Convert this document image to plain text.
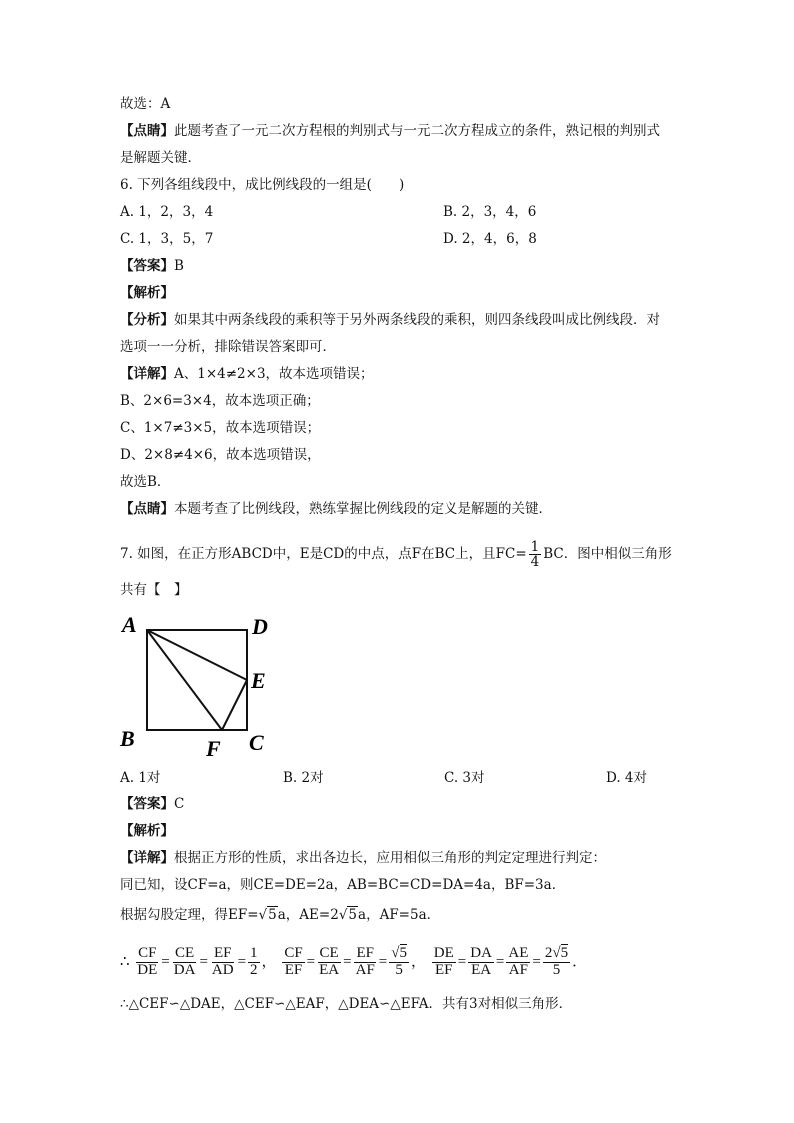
故选：A
【点睛】此题考查了一元二次方程根的判别式与一元二次方程成立的条件，熟记根的判别式
是解题关键．
6. 下列各组线段中，成比例线段的一组是(　　)
A. 1，2，3，4	B. 2，3，4，6
C. 1，3，5，7	D. 2，4，6，8
【答案】B
【解析】
【分析】如果其中两条线段的乘积等于另外两条线段的乘积，则四条线段叫成比例线段．对
选项一一分析，排除错误答案即可．
【详解】A、1×4≠2×3，故本选项错误；
B、2×6=3×4，故本选项正确；
C、1×7≠3×5，故本选项错误；
D、2×8≠4×6，故本选项错误，
故选B．
【点睛】本题考查了比例线段，熟练掌握比例线段的定义是解题的关键．
7. 如图，在正方形ABCD中，E是CD的中点，点F在BC上，且$FC= \frac{1}{4}$ BC．图中相似三角形
共有【　】
A	D
E
B	F C
A. 1对	B. 2对	C. 3对	D. 4对
【答案】C
【解析】
【详解】根据正方形的性质，求出各边长，应用相似三角形的判定定理进行判定：
同已知，设CF=a，则CE=DE=2a，AB=BC=CD=DA=4a，BF=3a．
根据勾股定理，得EF=√5a，AE=2√5a，AF=5a．
∴ $\frac{CF}{DE} = \frac{CE}{DA} = \frac{EF}{AD} = \frac{1}{2}$ ， $\frac{CF}{EF} = \frac{CE}{EA} = \frac{EF}{AF} = \frac{√5}{5}$ ， $\frac{DE}{EF} = \frac{DA}{EA} = \frac{AE}{AF} = \frac{2√5}{5}$ ．
∴△CEF∽△DAE，△CEF∽△EAF，△DEA∽△EFA．共有3对相似三角形．
